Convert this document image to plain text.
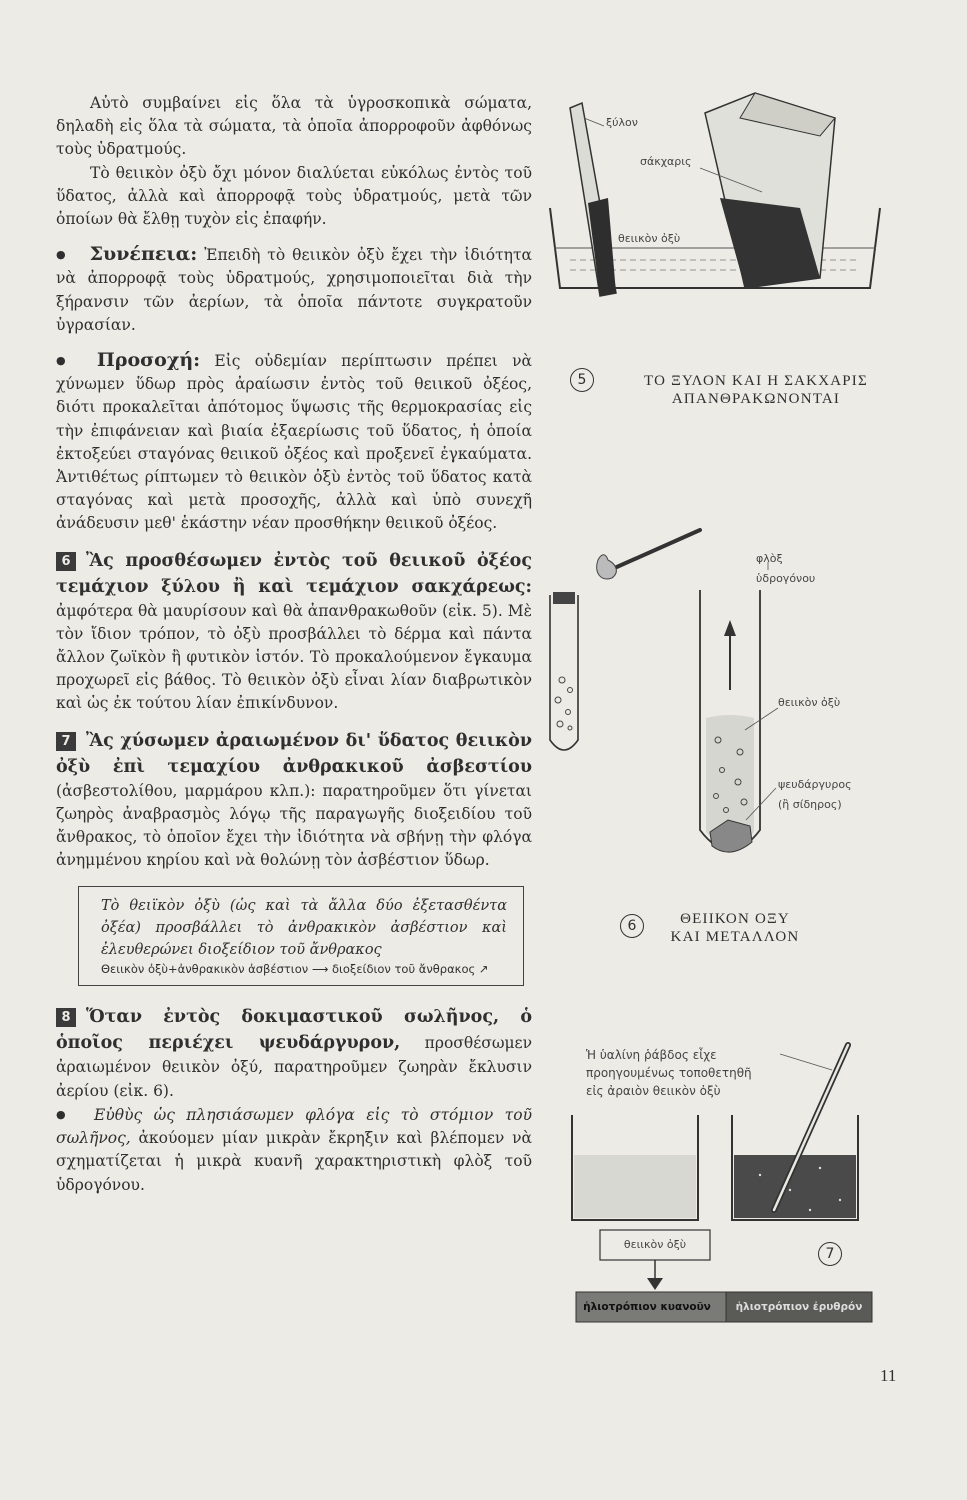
Αὐτὸ συμβαίνει εἰς ὅλα τὰ ὑγροσκοπικὰ σώματα, δηλαδὴ εἰς ὅλα τὰ σώματα, τὰ ὁποῖα ἀπορροφοῦν ἀφθόνως τοὺς ὑδρατμούς.

Τὸ θειικὸν ὀξὺ ὄχι μόνον διαλύεται εὐκόλως ἐντὸς τοῦ ὕδατος, ἀλλὰ καὶ ἀπορροφᾷ τοὺς ὑδρατμούς, μετὰ τῶν ὁποίων θὰ ἔλθῃ τυχὸν εἰς ἐπαφήν.

● Συνέπεια: Ἐπειδὴ τὸ θειικὸν ὀξὺ ἔχει τὴν ἰδιότητα νὰ ἀπορροφᾷ τοὺς ὑδρατμούς, χρησιμοποιεῖται διὰ τὴν ξήρανσιν τῶν ἀερίων, τὰ ὁποῖα πάντοτε συγκρατοῦν ὑγρασίαν.

● Προσοχή: Εἰς οὐδεμίαν περίπτωσιν πρέπει νὰ χύνωμεν ὕδωρ πρὸς ἀραίωσιν ἐντὸς τοῦ θειικοῦ ὀξέος, διότι προκαλεῖται ἀπότομος ὕψωσις τῆς θερμοκρασίας εἰς τὴν ἐπιφάνειαν καὶ βιαία ἐξαερίωσις τοῦ ὕδατος, ἡ ὁποία ἐκτοξεύει σταγόνας θειικοῦ ὀξέος καὶ προξενεῖ ἐγκαύματα. Ἀντιθέτως ρίπτωμεν τὸ θειικὸν ὀξὺ ἐντὸς τοῦ ὕδατος κατὰ σταγόνας καὶ μετὰ προσοχῆς, ἀλλὰ καὶ ὑπὸ συνεχῆ ἀνάδευσιν μεθ' ἑκάστην νέαν προσθήκην θειικοῦ ὀξέος.

6 Ἂς προσθέσωμεν ἐντὸς τοῦ θειικοῦ ὀξέος τεμάχιον ξύλου ἢ καὶ τεμάχιον σακχάρεως: ἀμφότερα θὰ μαυρίσουν καὶ θὰ ἀπανθρακωθοῦν (εἰκ. 5). Μὲ τὸν ἴδιον τρόπον, τὸ ὀξὺ προσβάλλει τὸ δέρμα καὶ πάντα ἄλλον ζωϊκὸν ἢ φυτικὸν ἱστόν. Τὸ προκαλούμενον ἔγκαυμα προχωρεῖ εἰς βάθος. Τὸ θειικὸν ὀξὺ εἶναι λίαν διαβρωτικὸν καὶ ὡς ἐκ τούτου λίαν ἐπικίνδυνον.

7 Ἂς χύσωμεν ἀραιωμένον δι' ὕδατος θειικὸν ὀξὺ ἐπὶ τεμαχίου ἀνθρακικοῦ ἀσβεστίου (ἀσβεστολίθου, μαρμάρου κλπ.): παρατηροῦμεν ὅτι γίνεται ζωηρὸς ἀναβρασμὸς λόγῳ τῆς παραγωγῆς διοξειδίου τοῦ ἄνθρακος, τὸ ὁποῖον ἔχει τὴν ἰδιότητα νὰ σβήνῃ τὴν φλόγα ἀνημμένου κηρίου καὶ νὰ θολώνῃ τὸν ἀσβέστιον ὕδωρ.

Τὸ θειϊκὸν ὀξὺ (ὡς καὶ τὰ ἄλλα δύο ἐξετασθέντα ὀξέα) προσβάλλει τὸ ἀνθρακικὸν ἀσβέστιον καὶ ἐλευθερώνει διοξείδιον τοῦ ἄνθρακος
Θειικὸν ὀξὺ+ἀνθρακικὸν ἀσβέστιον ⟶ διοξείδιον τοῦ ἄνθρακος ↗

8 Ὅταν ἐντὸς δοκιμαστικοῦ σωλῆνος, ὁ ὁποῖος περιέχει ψευδάργυρον, προσθέσωμεν ἀραιωμένον θειικὸν ὀξύ, παρατηροῦμεν ζωηρὰν ἔκλυσιν ἀερίου (εἰκ. 6).

● Εὐθὺς ὡς πλησιάσωμεν φλόγα εἰς τὸ στόμιον τοῦ σωλῆνος, ἀκούομεν μίαν μικρὰν ἔκρηξιν καὶ βλέπομεν νὰ σχηματίζεται ἡ μικρὰ κυανῆ χαρακτηριστικὴ φλὸξ τοῦ ὑδρογόνου.

ξύλον
σάκχαρις
θειικὸν ὀξὺ
5	ΤΟ ΞΥΛΟΝ ΚΑΙ Η ΣΑΚΧΑΡΙΣ
ΑΠΑΝΘΡΑΚΩΝΟΝΤΑΙ
φλὸξ
ὑδρογόνου
θειικὸν ὀξὺ
ψευδάργυρος
(ἢ σίδηρος)
6	ΘΕΙΙΚΟΝ ΟΞΥ
ΚΑΙ ΜΕΤΑΛΛΟΝ
Ἡ ὑαλίνη ῥάβδος εἶχε
προηγουμένως τοποθετηθῆ
εἰς ἀραιὸν θειικὸν ὀξὺ
θειικὸν ὀξὺ
7
ἡλιοτρόπιον κυανοῦν	ἡλιοτρόπιον ἐρυθρόν
11
